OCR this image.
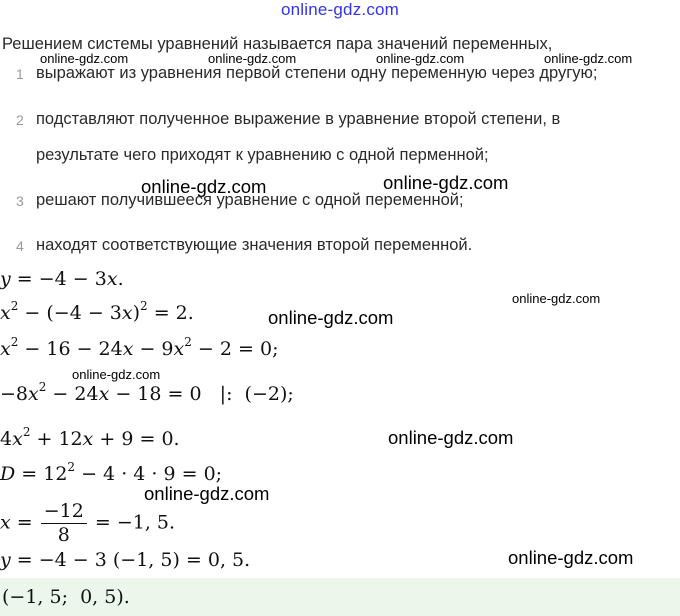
online-gdz.com
Решением системы уравнений называется пара значений переменных,
online-gdz.com	online-gdz.com	online-gdz.com	online-gdz.com
1 выражают из уравнения первой степени одну переменную через другую;
2 подставляют полученное выражение в уравнение второй степени, в
результате чего приходят к уравнению с одной перменной;
online-gdz.com	online-gdz.com
3 решают получившееся уравнение с одной переменной;
4 находят соответствующие значения второй переменной.
y = −4 − 3x.
online-gdz.com
$x^2 - (-4 - 3x)^2 = 2$.	online-gdz.com
$x^2 - 16 - 24x - 9x^2 - 2 = 0$;
online-gdz.com
$-8x^2 - 24x - 18 = 0$   |:  (−2);
$4x^2 + 12x + 9 = 0$.	online-gdz.com
$D = 12^2 - 4 \cdot 4 \cdot 9 = 0$;
online-gdz.com
$x = \frac{-12}{8} = -1$, 5.
y = −4 − 3 (−1, 5) = 0, 5.	online-gdz.com
(−1, 5;  0, 5).
